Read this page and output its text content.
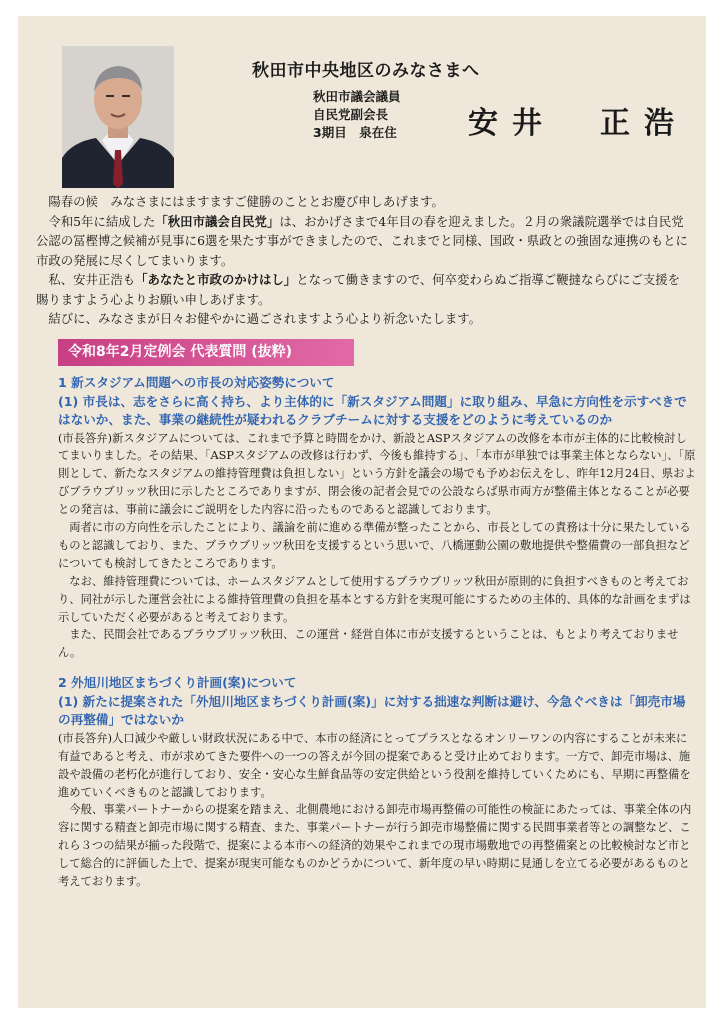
秋田市中央地区のみなさまへ
秋田市議会議員
自民党副会長
3期目　泉在住 安井　正浩

陽春の候　みなさまにはますますご健勝のこととお慶び申しあげます。

令和5年に結成した「秋田市議会自民党」は、おかげさまで4年目の春を迎えました。２月の衆議院選挙では自民党公認の冨樫博之候補が見事に6選を果たす事ができましたので、これまでと同様、国政・県政との強固な連携のもとに市政の発展に尽くしてまいります。

私、安井正浩も「あなたと市政のかけはし」となって働きますので、何卒変わらぬご指導ご鞭撻ならびにご支援を賜りますよう心よりお願い申しあげます。

結びに、みなさまが日々お健やかに過ごされますよう心より祈念いたします。

令和8年2月定例会 代表質問 (抜粋)

1 新スタジアム問題への市長の対応姿勢について

(1) 市長は、志をさらに高く持ち、より主体的に「新スタジアム問題」に取り組み、早急に方向性を示すべきではないか、また、事業の継続性が疑われるクラブチームに対する支援をどのように考えているのか

(市長答弁)新スタジアムについては、これまで予算と時間をかけ、新設とASPスタジアムの改修を本市が主体的に比較検討してまいりました。その結果、「ASPスタジアムの改修は行わず、今後も維持する」、「本市が単独では事業主体とならない」、「原則として、新たなスタジアムの維持管理費は負担しない」という方針を議会の場でも予めお伝えをし、昨年12月24日、県およびブラウブリッツ秋田に示したところでありますが、閉会後の記者会見での公設ならば県市両方が整備主体となることが必要との発言は、事前に議会にご説明をした内容に沿ったものであると認識しております。

両者に市の方向性を示したことにより、議論を前に進める準備が整ったことから、市長としての責務は十分に果たしているものと認識しており、また、ブラウブリッツ秋田を支援するという思いで、八橋運動公園の敷地提供や整備費の一部負担などについても検討してきたところであります。

なお、維持管理費については、ホームスタジアムとして使用するブラウブリッツ秋田が原則的に負担すべきものと考えており、同社が示した運営会社による維持管理費の負担を基本とする方針を実現可能にするための主体的、具体的な計画をまずは示していただく必要があると考えております。

また、民間会社であるブラウブリッツ秋田、この運営・経営自体に市が支援するということは、もとより考えておりません。

2 外旭川地区まちづくり計画(案)について

(1) 新たに提案された「外旭川地区まちづくり計画(案)」に対する拙速な判断は避け、今急ぐべきは「卸売市場の再整備」ではないか

(市長答弁)人口減少や厳しい財政状況にある中で、本市の経済にとってプラスとなるオンリーワンの内容にすることが未来に有益であると考え、市が求めてきた要件への一つの答えが今回の提案であると受け止めております。一方で、卸売市場は、施設や設備の老朽化が進行しており、安全・安心な生鮮食品等の安定供給という役割を維持していくためにも、早期に再整備を進めていくべきものと認識しております。

今般、事業パートナーからの提案を踏まえ、北側農地における卸売市場再整備の可能性の検証にあたっては、事業全体の内容に関する精査と卸売市場に関する精査、また、事業パートナーが行う卸売市場整備に関する民間事業者等との調整など、これら３つの結果が揃った段階で、提案による本市への経済的効果やこれまでの現市場敷地での再整備案との比較検討など市として総合的に評価した上で、提案が現実可能なものかどうかについて、新年度の早い時期に見通しを立てる必要があるものと考えております。
